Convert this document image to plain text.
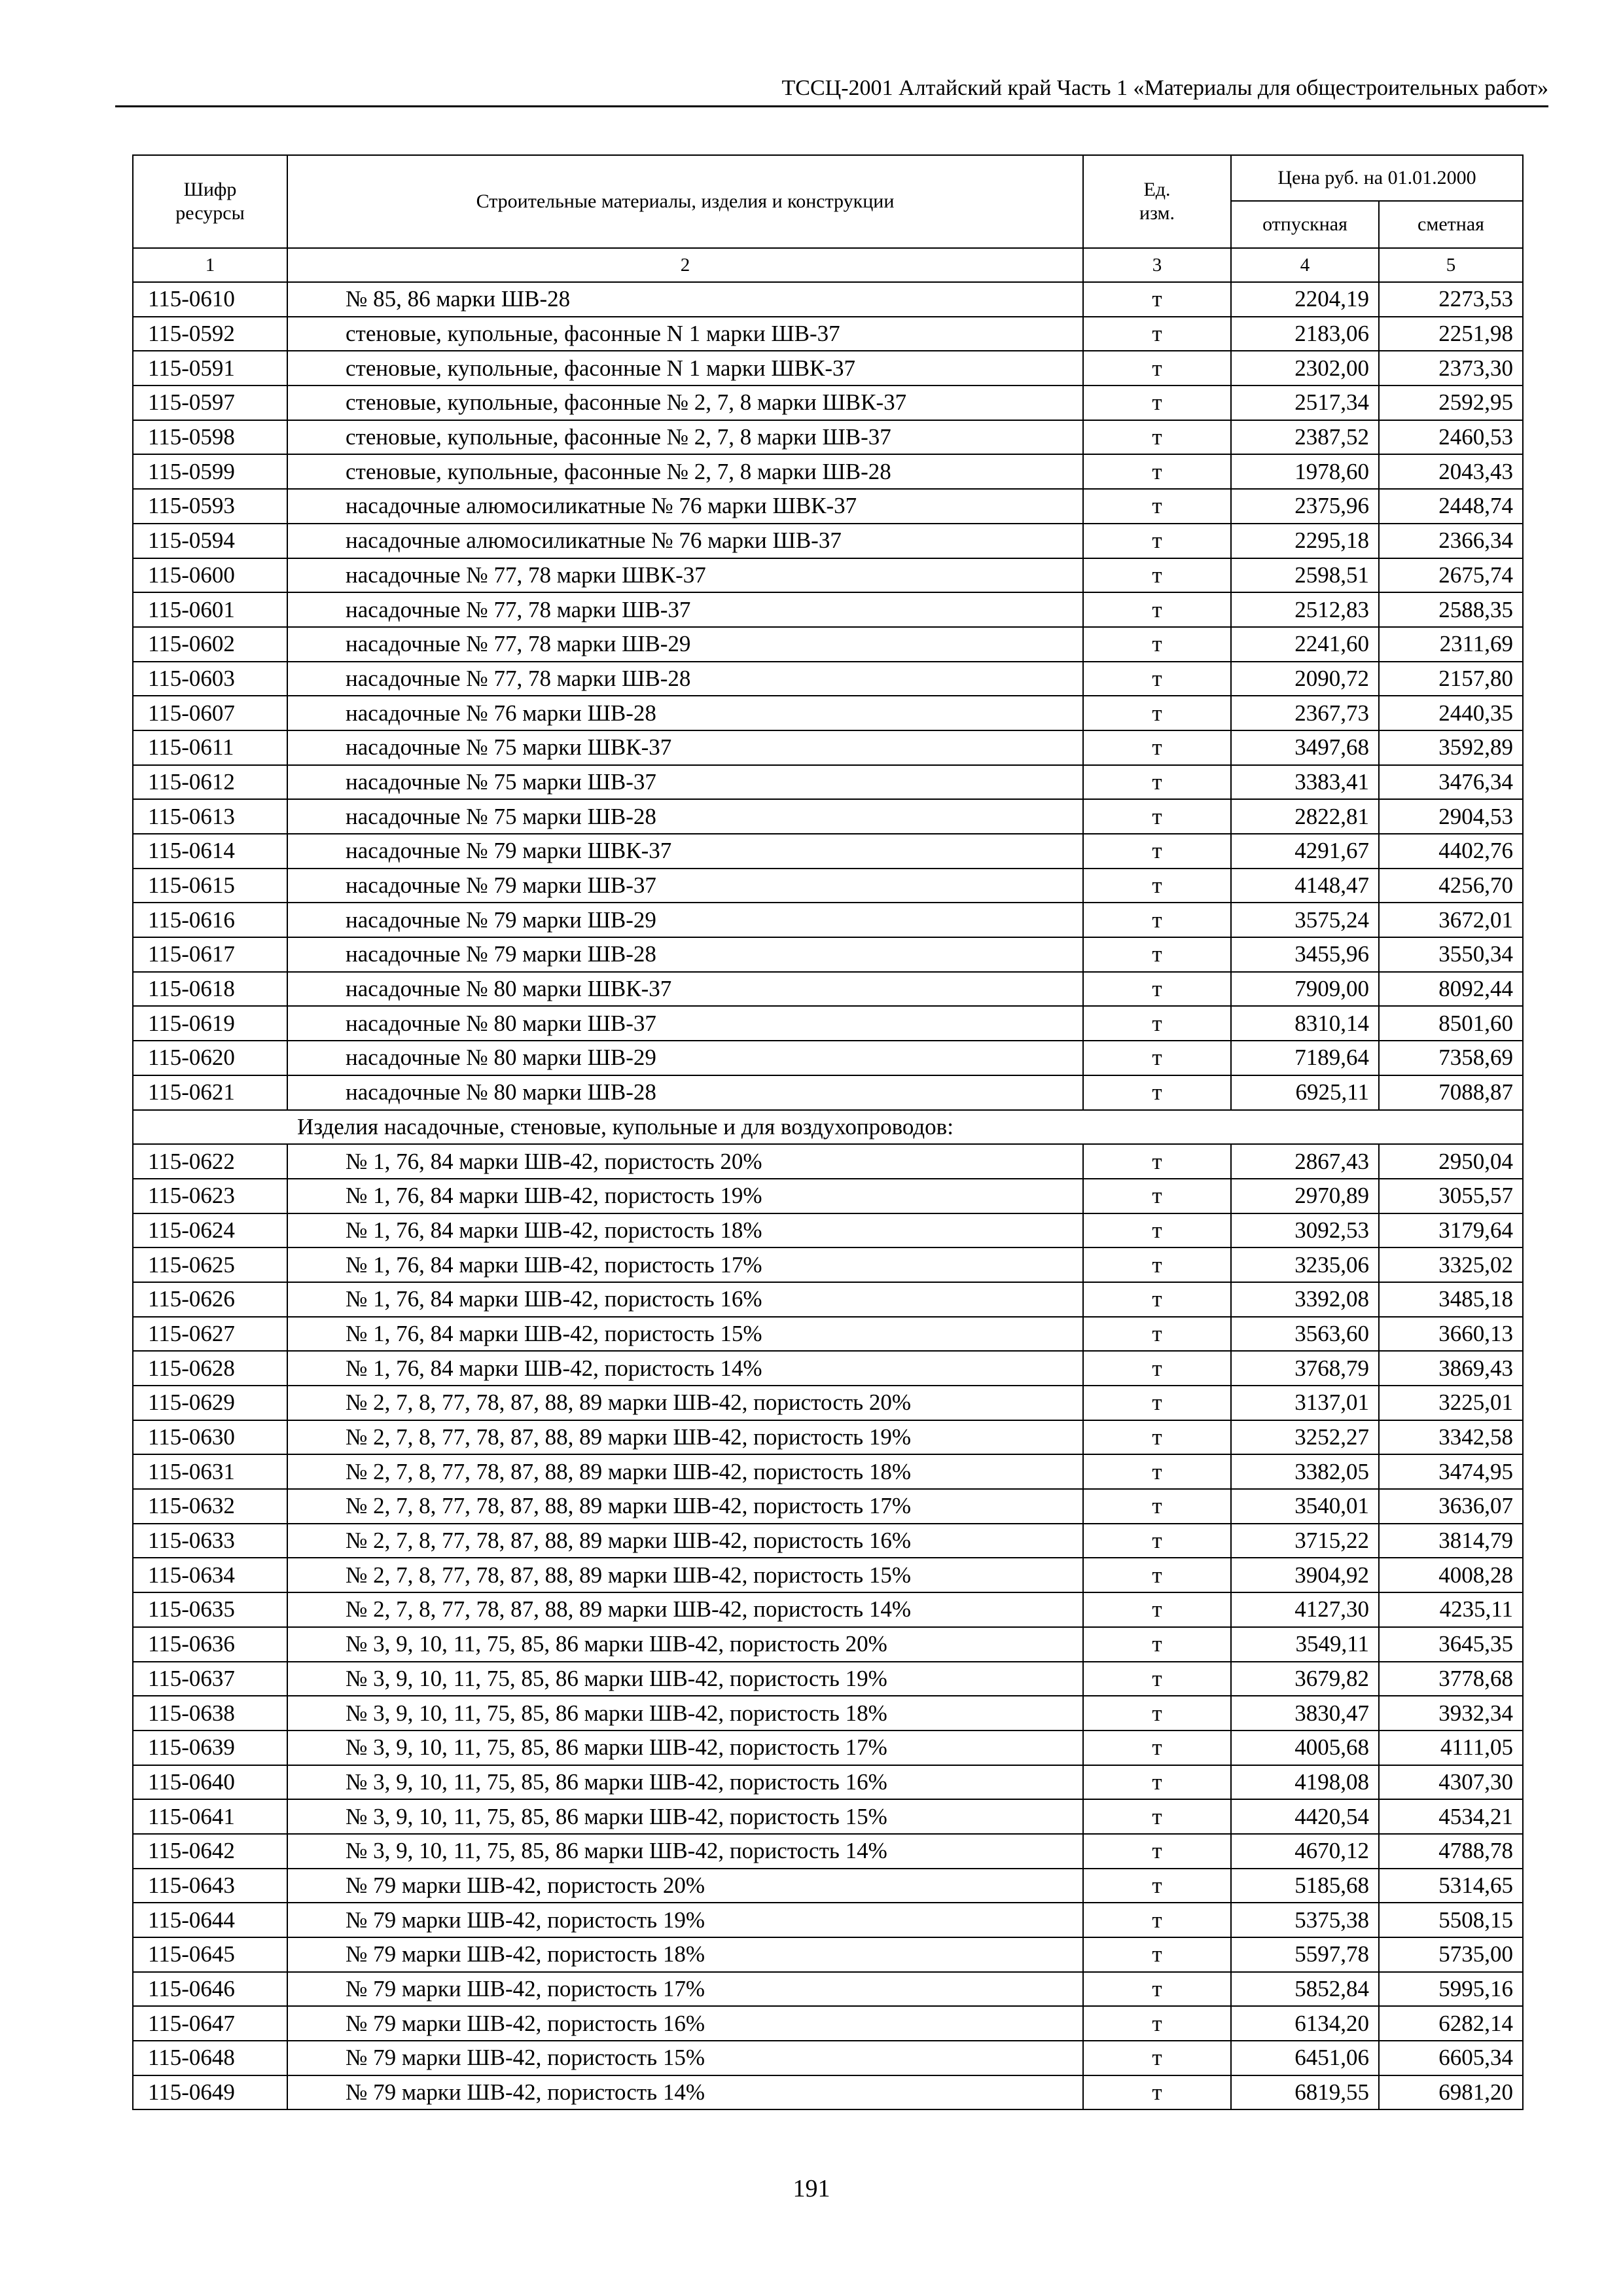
ТССЦ-2001 Алтайский край Часть 1 «Материалы для общестроительных работ»
Шифр ресурсы	Строительные материалы, изделия и конструкции	Ед. изм.	Цена руб. на 01.01.2000	
			отпускная	сметная
1	2	3	4	5
115-0610	№ 85, 86 марки ШВ-28	т	2204,19	2273,53
115-0592	стеновые, купольные, фасонные N 1 марки ШВ-37	т	2183,06	2251,98
115-0591	стеновые, купольные, фасонные N 1 марки ШВК-37	т	2302,00	2373,30
115-0597	стеновые, купольные, фасонные № 2, 7, 8 марки ШВК-37	т	2517,34	2592,95
115-0598	стеновые, купольные, фасонные № 2, 7, 8 марки ШВ-37	т	2387,52	2460,53
115-0599	стеновые, купольные, фасонные № 2, 7, 8 марки ШВ-28	т	1978,60	2043,43
115-0593	насадочные алюмосиликатные № 76 марки ШВК-37	т	2375,96	2448,74
115-0594	насадочные алюмосиликатные № 76 марки ШВ-37	т	2295,18	2366,34
115-0600	насадочные № 77, 78 марки ШВК-37	т	2598,51	2675,74
115-0601	насадочные № 77, 78 марки ШВ-37	т	2512,83	2588,35
115-0602	насадочные № 77, 78 марки ШВ-29	т	2241,60	2311,69
115-0603	насадочные № 77, 78 марки ШВ-28	т	2090,72	2157,80
115-0607	насадочные № 76 марки ШВ-28	т	2367,73	2440,35
115-0611	насадочные № 75 марки ШВК-37	т	3497,68	3592,89
115-0612	насадочные № 75 марки ШВ-37	т	3383,41	3476,34
115-0613	насадочные № 75 марки ШВ-28	т	2822,81	2904,53
115-0614	насадочные № 79 марки ШВК-37	т	4291,67	4402,76
115-0615	насадочные № 79 марки ШВ-37	т	4148,47	4256,70
115-0616	насадочные № 79 марки ШВ-29	т	3575,24	3672,01
115-0617	насадочные № 79 марки ШВ-28	т	3455,96	3550,34
115-0618	насадочные № 80 марки ШВК-37	т	7909,00	8092,44
115-0619	насадочные № 80 марки ШВ-37	т	8310,14	8501,60
115-0620	насадочные № 80 марки ШВ-29	т	7189,64	7358,69
115-0621	насадочные № 80 марки ШВ-28	т	6925,11	7088,87
Изделия насадочные, стеновые, купольные и для воздухопроводов:				
115-0622	№ 1, 76, 84 марки ШВ-42, пористость 20%	т	2867,43	2950,04
115-0623	№ 1, 76, 84 марки ШВ-42, пористость 19%	т	2970,89	3055,57
115-0624	№ 1, 76, 84 марки ШВ-42, пористость 18%	т	3092,53	3179,64
115-0625	№ 1, 76, 84 марки ШВ-42, пористость 17%	т	3235,06	3325,02
115-0626	№ 1, 76, 84 марки ШВ-42, пористость 16%	т	3392,08	3485,18
115-0627	№ 1, 76, 84 марки ШВ-42, пористость 15%	т	3563,60	3660,13
115-0628	№ 1, 76, 84 марки ШВ-42, пористость 14%	т	3768,79	3869,43
115-0629	№ 2, 7, 8, 77, 78, 87, 88, 89 марки ШВ-42, пористость 20%	т	3137,01	3225,01
115-0630	№ 2, 7, 8, 77, 78, 87, 88, 89 марки ШВ-42, пористость 19%	т	3252,27	3342,58
115-0631	№ 2, 7, 8, 77, 78, 87, 88, 89 марки ШВ-42, пористость 18%	т	3382,05	3474,95
115-0632	№ 2, 7, 8, 77, 78, 87, 88, 89 марки ШВ-42, пористость 17%	т	3540,01	3636,07
115-0633	№ 2, 7, 8, 77, 78, 87, 88, 89 марки ШВ-42, пористость 16%	т	3715,22	3814,79
115-0634	№ 2, 7, 8, 77, 78, 87, 88, 89 марки ШВ-42, пористость 15%	т	3904,92	4008,28
115-0635	№ 2, 7, 8, 77, 78, 87, 88, 89 марки ШВ-42, пористость 14%	т	4127,30	4235,11
115-0636	№ 3, 9, 10, 11, 75, 85, 86 марки ШВ-42, пористость 20%	т	3549,11	3645,35
115-0637	№ 3, 9, 10, 11, 75, 85, 86 марки ШВ-42, пористость 19%	т	3679,82	3778,68
115-0638	№ 3, 9, 10, 11, 75, 85, 86 марки ШВ-42, пористость 18%	т	3830,47	3932,34
115-0639	№ 3, 9, 10, 11, 75, 85, 86 марки ШВ-42, пористость 17%	т	4005,68	4111,05
115-0640	№ 3, 9, 10, 11, 75, 85, 86 марки ШВ-42, пористость 16%	т	4198,08	4307,30
115-0641	№ 3, 9, 10, 11, 75, 85, 86 марки ШВ-42, пористость 15%	т	4420,54	4534,21
115-0642	№ 3, 9, 10, 11, 75, 85, 86 марки ШВ-42, пористость 14%	т	4670,12	4788,78
115-0643	№ 79 марки ШВ-42, пористость 20%	т	5185,68	5314,65
115-0644	№ 79 марки ШВ-42, пористость 19%	т	5375,38	5508,15
115-0645	№ 79 марки ШВ-42, пористость 18%	т	5597,78	5735,00
115-0646	№ 79 марки ШВ-42, пористость 17%	т	5852,84	5995,16
115-0647	№ 79 марки ШВ-42, пористость 16%	т	6134,20	6282,14
115-0648	№ 79 марки ШВ-42, пористость 15%	т	6451,06	6605,34
115-0649	№ 79 марки ШВ-42, пористость 14%	т	6819,55	6981,20
191
